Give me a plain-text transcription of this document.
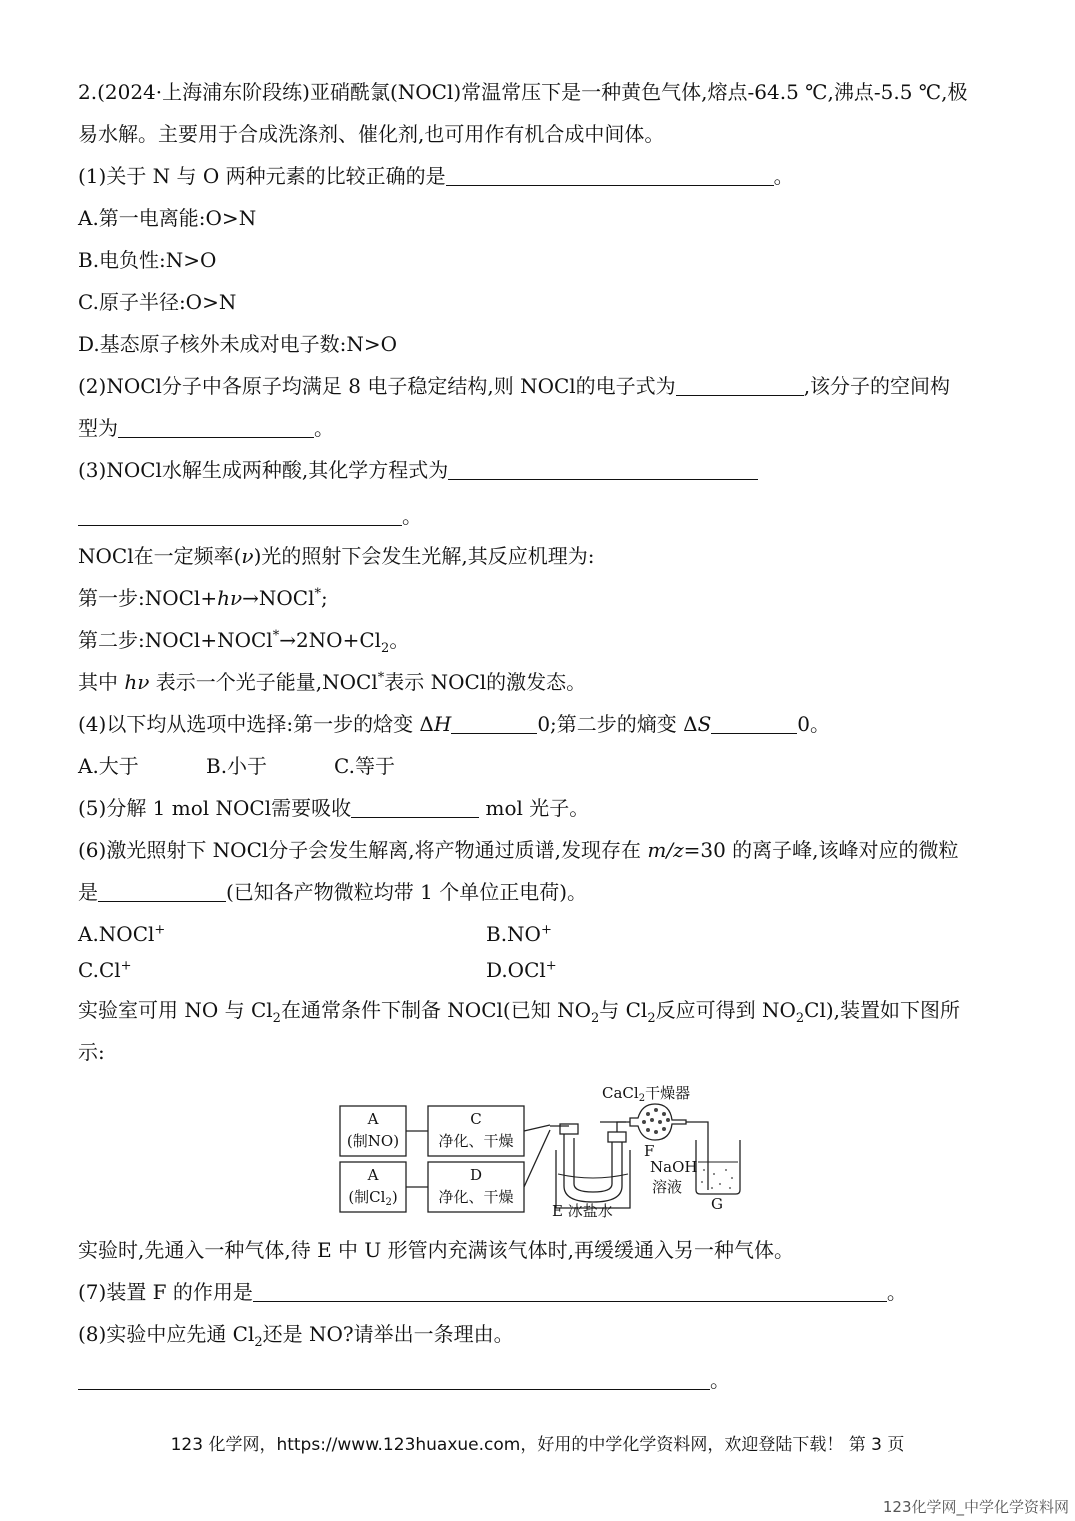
2.(2024·上海浦东阶段练)亚硝酰氯(NOCl)常温常压下是一种黄色气体,熔点-64.5 ℃,沸点-5.5 ℃,极
易水解。主要用于合成洗涤剂、催化剂,也可用作有机合成中间体。
(1)关于 N 与 O 两种元素的比较正确的是	。
A.第一电离能:O>N
B.电负性:N>O
C.原子半径:O>N
D.基态原子核外未成对电子数:N>O
(2)NOCl分子中各原子均满足 8 电子稳定结构,则 NOCl的电子式为	,该分子的空间构
型为	。
(3)NOCl水解生成两种酸,其化学方程式为
。
NOCl在一定频率(ν)光的照射下会发生光解,其反应机理为:
第一步:NOCl+hν→NOCl*;
第二步$:NOCl+NOCl^*\to 2NO+Cl_2$。
其中 hν 表示一个光子能量,NOCl*表示 NOCl的激发态。
(4)以下均从选项中选择:第一步的焓变 ΔH	0;第二步的熵变 ΔS	0。
A.大于	B.小于	C.等于
(5)分解 1 mol NOCl需要吸收	mol 光子。
(6)激光照射下 NOCl分子会发生解离,将产物通过质谱,发现存在 m/z=30 的离子峰,该峰对应的微粒
是	(已知各产物微粒均带 1 个单位正电荷)。
A.NOCl+	B.NO+
C.Cl+	D.OCl+
实验室可用 NO 与 $Cl_2$在通常条件下制备 NOCl(已知 $NO_2$与 $Cl_2$反应可得到 $NO_2Cl$),装置如下图所
示:
A
(制NO)
C
净化、干燥
A
(制$Cl_2$)
D
净化、干燥
CaCl$_2$干燥器
F
NaOH
溶液
G
E 冰盐水
实验时,先通入一种气体,待 E 中 U 形管内充满该气体时,再缓缓通入另一种气体。
(7)装置 F 的作用是	。
(8)实验中应先通 $Cl_2$还是 NO?请举出一条理由。
。
123 化学网，https://www.123huaxue.com，好用的中学化学资料网，欢迎登陆下载！ 第 3 页
123化学网_中学化学资料网
